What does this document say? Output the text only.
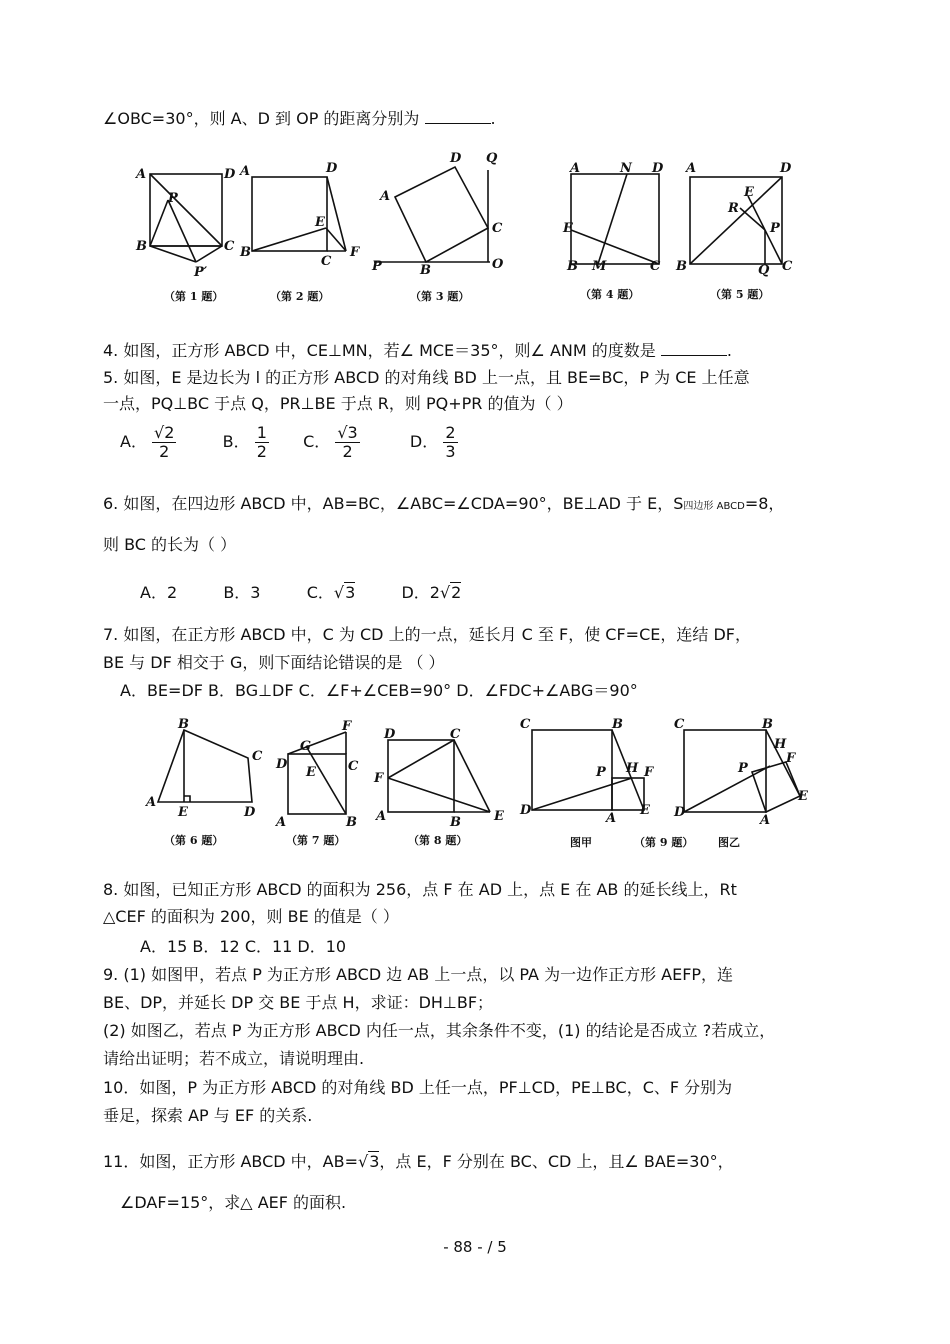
∠OBC=30°，则 A、D 到 OP 的距离分别为	.
A	D
P
B	C
P′
A	D
E
B
C
F
A
D Q
C
P	B	O
A	N D
E
B M	C
A	D
E
R
P
B	Q C
（第 1 题）	（第 2 题）	（第 3 题）	（第 4 题）	（第 5 题）
4. 如图，正方形 ABCD 中，CE⊥MN，若∠ MCE＝35°，则∠ ANM 的度数是	.
5. 如图，E 是边长为 l 的正方形 ABCD 的对角线 BD 上一点，且 BE=BC，P 为 CE 上任意
一点，PQ⊥BC 于点 Q，PR⊥BE 于点 R，则 PQ+PR 的值为（ ）
A． $\frac{√2}{2}$	B． $\frac{1}{2}$ C． $\frac{√3}{2}$	D． $\frac{2}{3}$
6. 如图，在四边形 ABCD 中，AB=BC，∠ABC=∠CDA=90°，BE⊥AD 于 E，S四边形 ABCD=8，
则 BC 的长为（ ）
A．2	B．3	C．√3	D．2√2
7. 如图，在正方形 ABCD 中，C 为 CD 上的一点，延长月 C 至 F，使 CF=CE，连结 DF，
BE 与 DF 相交于 G，则下面结论错误的是 （ ）
A．BE=DF B．BG⊥DF C．∠F+∠CEB=90° D．∠FDC+∠ABG＝90°
B
C
A
E	D
G
F
D
E C
A	B
D	C
F
A	B	E
C	B
P H F
D
A
E
C	B
P
H
F
D
A
E
（第 6 题）	（第 7 题）	（第 8 题）	图甲	（第 9 题） 图乙
8. 如图，已知正方形 ABCD 的面积为 256，点 F 在 AD 上，点 E 在 AB 的延长线上，Rt
△CEF 的面积为 200，则 BE 的值是（ ）
A．15 B．12 C．11 D．10
9. (1) 如图甲，若点 P 为正方形 ABCD 边 AB 上一点，以 PA 为一边作正方形 AEFP，连
BE、DP，并延长 DP 交 BE 于点 H，求证：DH⊥BF；
(2) 如图乙，若点 P 为正方形 ABCD 内任一点，其余条件不变，(1) 的结论是否成立 ?若成立，
请给出证明；若不成立，请说明理由.
10．如图，P 为正方形 ABCD 的对角线 BD 上任一点，PF⊥CD，PE⊥BC，C、F 分别为
垂足，探索 AP 与 EF 的关系.
11．如图，正方形 ABCD 中，AB=√3，点 E，F 分别在 BC、CD 上，且∠ BAE=30°，
∠DAF=15°，求△ AEF 的面积.
- 88 - / 5
